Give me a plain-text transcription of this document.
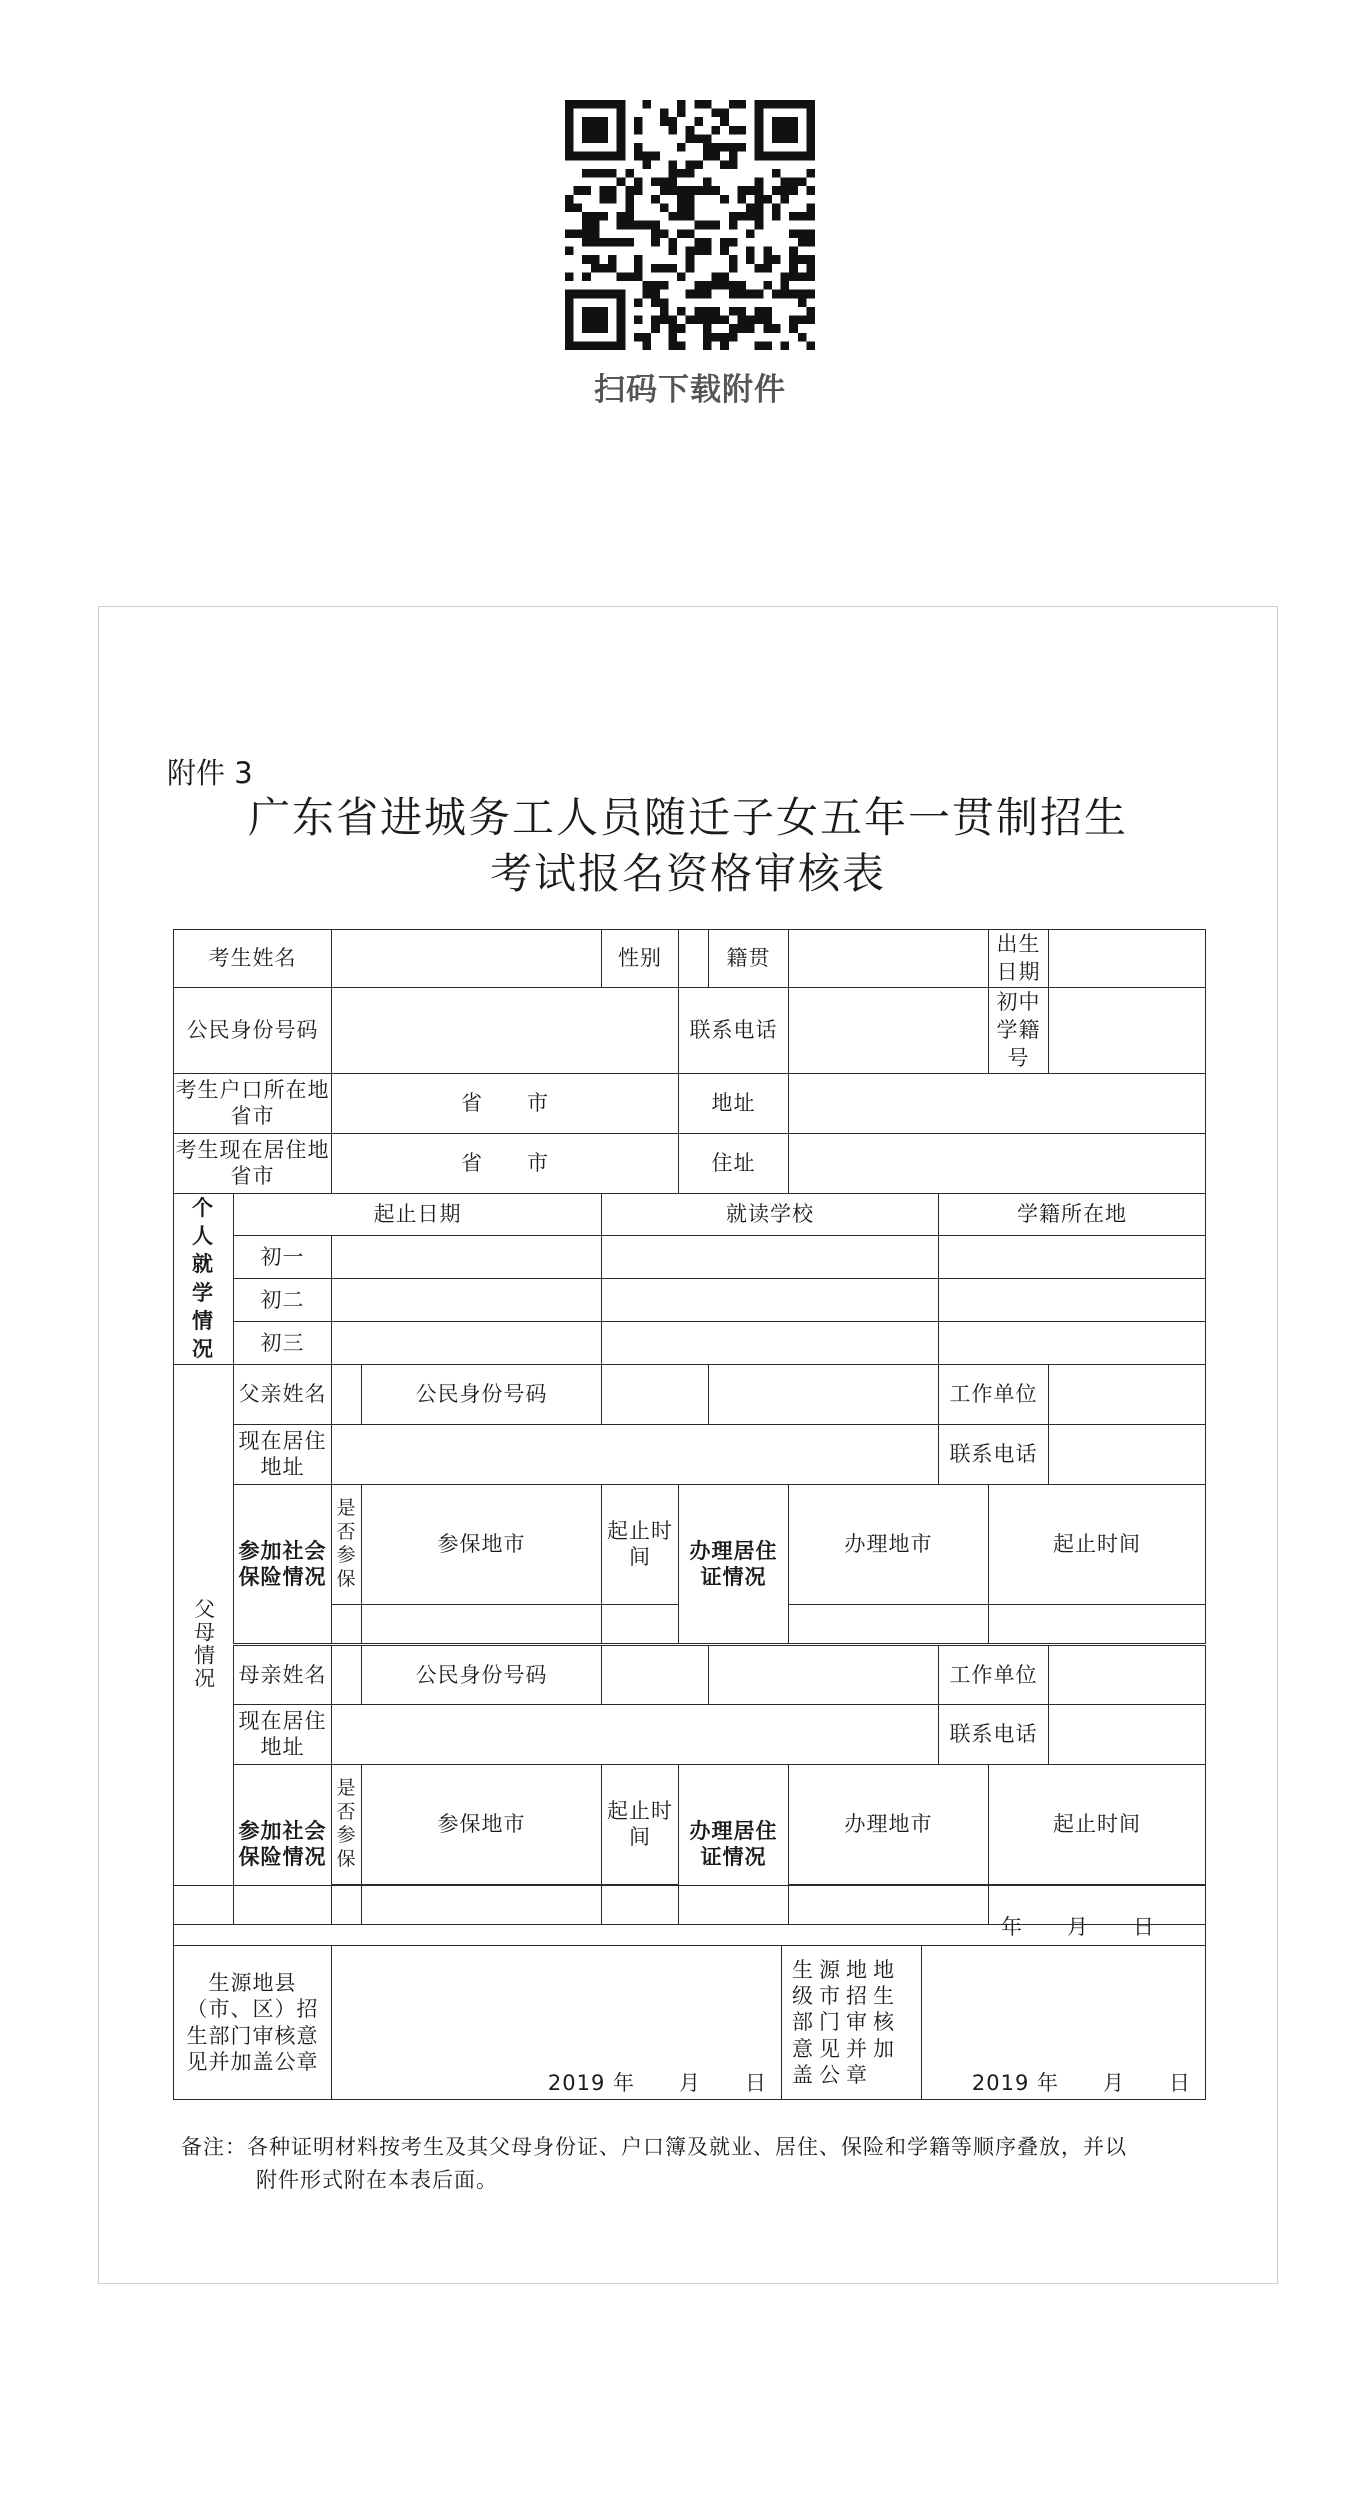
扫码下载附件
附件 3
广东省进城务工人员随迁子女五年一贯制招生
考试报名资格审核表
考生姓名				性别		籍贯			出生日期	
公民身份号码					联系电话				初中学籍号	
考生户口所在地省市		省　　市			地址					
考生现在居住地省市		省　　市			住址					

个人就学情况	起止日期			就读学校				学籍所在地		
	初一									
	初二									
	初三									

父母情况	父亲姓名		公民身份号码					工作单位		
	现在居住地址							联系电话		
	参加社会保险情况	是否参保	参保地市	起止时间	办理居住证情况		办理地市		起止时间	

	母亲姓名		公民身份号码					工作单位		
	现在居住地址							联系电话		
	参加社会保险情况	是否参保	参保地市	起止时间	办理居住证情况		办理地市		起止时间	

年　　月　　日
生源地县（市、区）招生部门审核意见并加盖公章	2019 年　　月　　日	生源地地级市招生部门审核意见并加盖公章	2019 年　　月　　日
备注：各种证明材料按考生及其父母身份证、户口簿及就业、居住、保险和学籍等顺序叠放，并以
附件形式附在本表后面。
